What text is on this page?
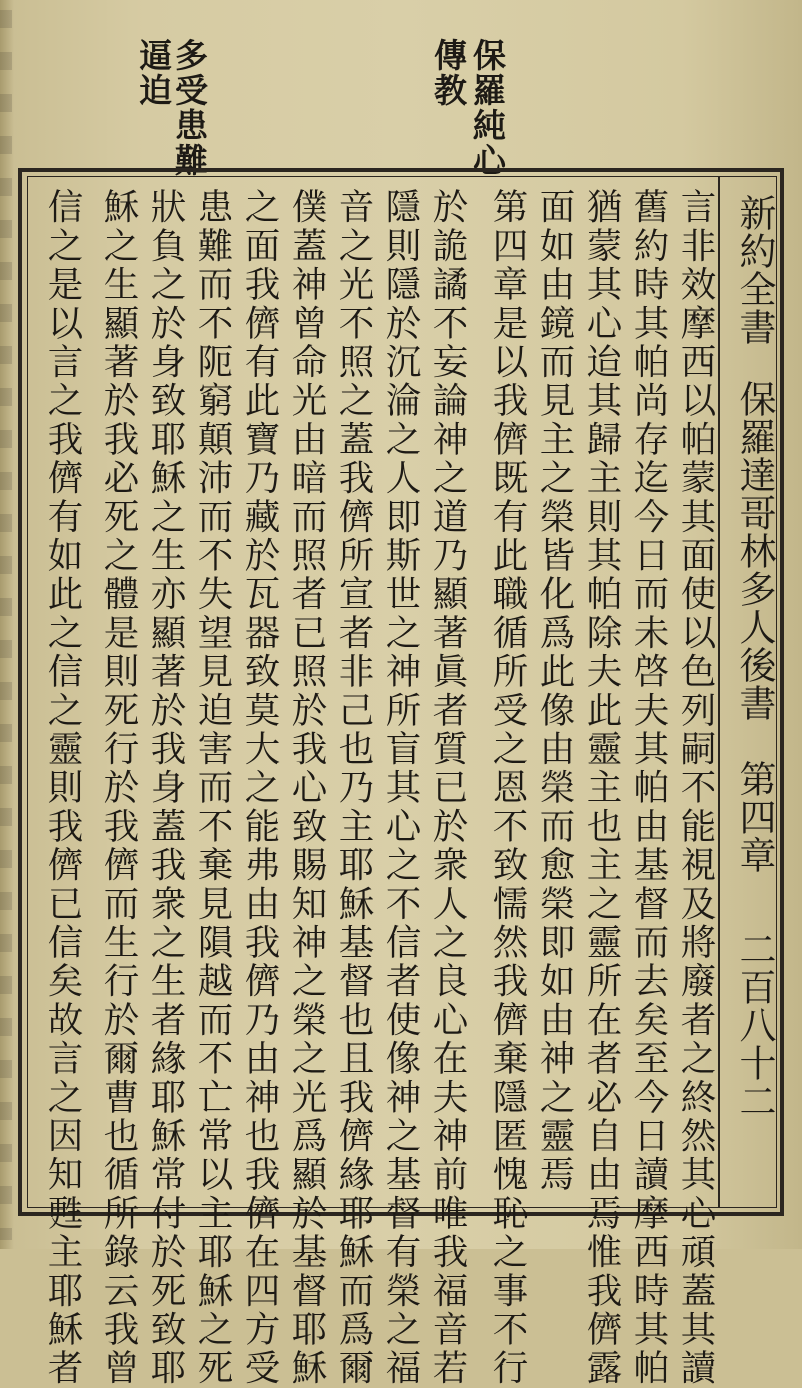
保羅純心
傳教
多受患難
逼迫
新約全書
保羅達哥林多人後書　第四章
二百八十二
言非效摩西以帕蒙其面使以色列嗣不能視及將廢者之終然其心頑蓋其讀
舊約時其帕尚存迄今日而未啓夫其帕由基督而去矣至今日讀摩西時其帕
猶蒙其心迨其歸主則其帕除夫此靈主也主之靈所在者必自由焉惟我儕露
面如由鏡而見主之榮皆化爲此像由榮而愈榮即如由神之靈焉
第四章是以我儕既有此職循所受之恩不致懦然我儕棄隱匿愧恥之事不行
於詭譎不妄論神之道乃顯著眞者質已於衆人之良心在夫神前唯我福音若
隱則隱於沉淪之人即斯世之神所盲其心之不信者使像神之基督有榮之福
音之光不照之蓋我儕所宣者非己也乃主耶穌基督也且我儕緣耶穌而爲爾
僕蓋神曾命光由暗而照者已照於我心致賜知神之榮之光爲顯於基督耶穌
之面我儕有此寶乃藏於瓦器致莫大之能弗由我儕乃由神也我儕在四方受
患難而不阨窮顛沛而不失望見迫害而不棄見隕越而不亡常以主耶穌之死
狀負之於身致耶穌之生亦顯著於我身蓋我衆之生者緣耶穌常付於死致耶
穌之生顯著於我必死之體是則死行於我儕而生行於爾曹也循所錄云我曾
信之是以言之我儕有如此之信之靈則我儕已信矣故言之因知甦主耶穌者
